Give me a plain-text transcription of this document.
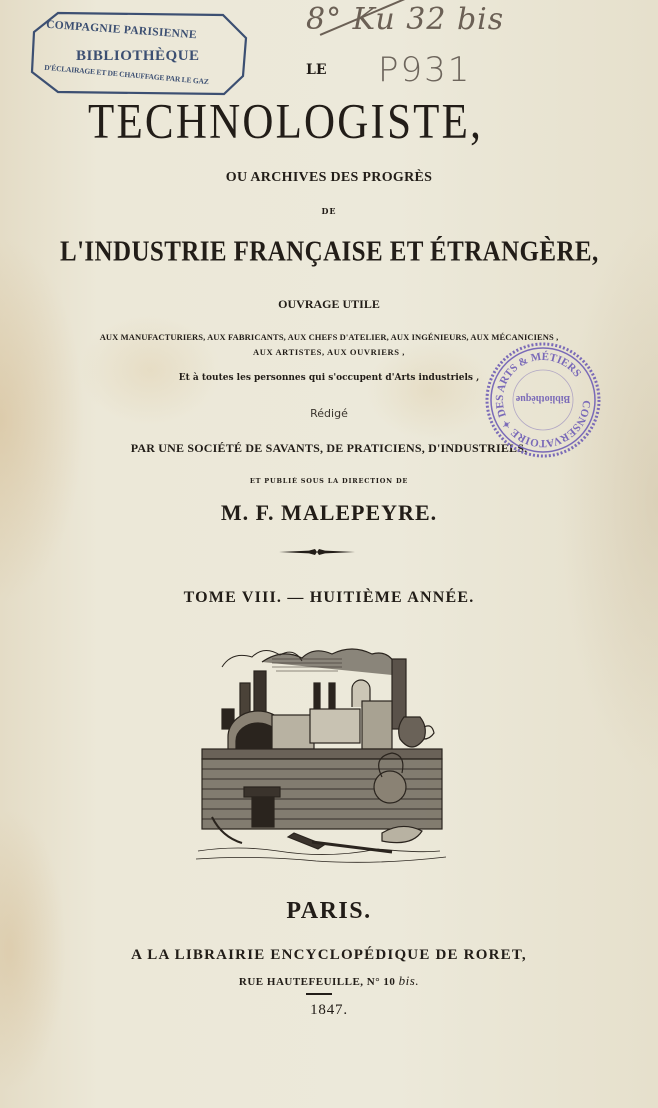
COMPAGNIE PARISIENNE
BIBLIOTHÈQUE
D'ÉCLAIRAGE ET DE CHAUFFAGE PAR LE GAZ
8° Ku 32 bis
P931
LE
TECHNOLOGISTE,
OU ARCHIVES DES PROGRÈS
DE
L'INDUSTRIE FRANÇAISE ET ÉTRANGÈRE,
OUVRAGE UTILE
AUX MANUFACTURIERS, AUX FABRICANTS, AUX CHEFS D'ATELIER, AUX INGÉNIEURS, AUX MÉCANICIENS ,
AUX ARTISTES, AUX OUVRIERS ,
Et à toutes les personnes qui s'occupent d'Arts industriels ,
Rédigé
PAR UNE SOCIÉTÉ DE SAVANTS, DE PRATICIENS, D'INDUSTRIELS,
ET PUBLIÉ SOUS LA DIRECTION DE
M. F. MALEPEYRE.
TOME VIII. — HUITIÈME ANNÉE.
PARIS.
A LA LIBRAIRIE ENCYCLOPÉDIQUE DE RORET,
RUE HAUTEFEUILLE, N° 10 bis.
1847.
CONSERVATOIRE ✦ DES ARTS & MÉTIERS
Bibliothèque
